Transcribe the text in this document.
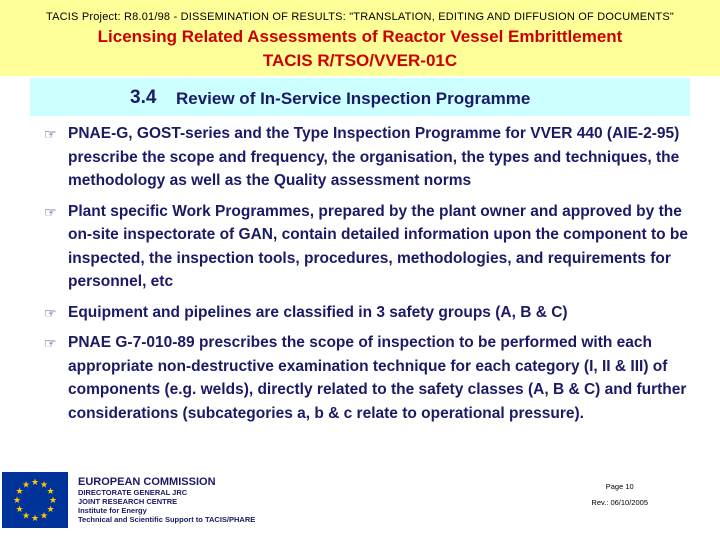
TACIS Project: R8.01/98 - DISSEMINATION OF RESULTS: "TRANSLATION, EDITING AND DIFFUSION OF DOCUMENTS"
Licensing Related Assessments of Reactor Vessel Embrittlement
TACIS R/TSO/VVER-01C
3.4 Review of In-Service Inspection Programme
☞ PNAE-G, GOST-series and the Type Inspection Programme for VVER 440 (AIE-2-95) prescribe the scope and frequency, the organisation, the types and techniques, the methodology as well as the Quality assessment norms
☞ Plant specific Work Programmes, prepared by the plant owner and approved by the on-site inspectorate of GAN, contain detailed information upon the component to be inspected, the inspection tools, procedures, methodologies, and requirements for personnel, etc
☞ Equipment and pipelines are classified in 3 safety groups (A, B & C)
☞ PNAE G-7-010-89 prescribes the scope of inspection to be performed with each appropriate non-destructive examination technique for each category (I, II & III) of components (e.g. welds), directly related to the safety classes (A, B & C) and further considerations (subcategories a, b & c relate to operational pressure).
★ ★
★
★
★
★
★
★
★
★
★
★	EUROPEAN COMMISSION
DIRECTORATE GENERAL JRC
JOINT RESEARCH CENTRE
Institute for Energy
Technical and Scientific Support to TACIS/PHARE
Page 10
Rev.: 06/10/2005
